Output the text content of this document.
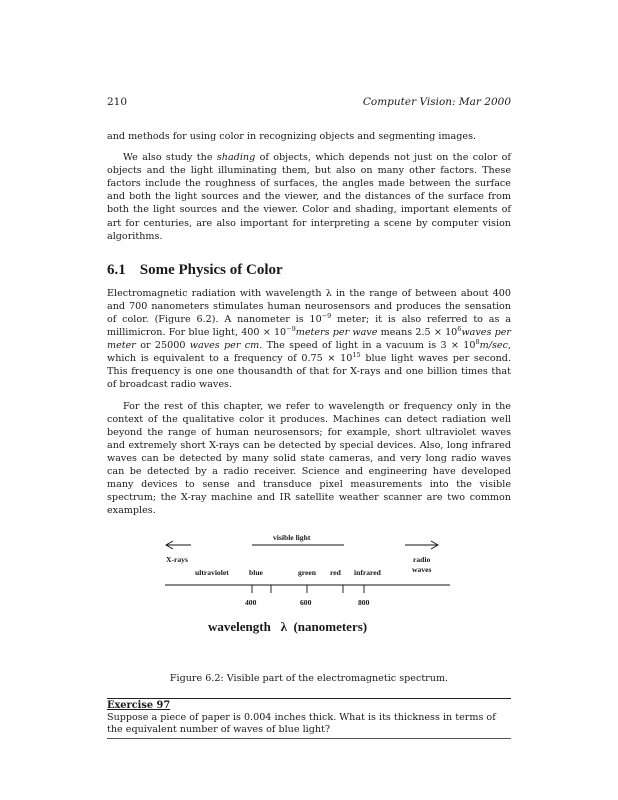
210	Computer Vision: Mar 2000

and methods for using color in recognizing objects and segmenting images.

We also study the shading of objects, which depends not just on the color of objects and the light illuminating them, but also on many other factors. These factors include the roughness of surfaces, the angles made between the surface and both the light sources and the viewer, and the distances of the surface from both the light sources and the viewer. Color and shading, important elements of art for centuries, are also important for interpreting a scene by computer vision algorithms.

6.1 Some Physics of Color

Electromagnetic radiation with wavelength λ in the range of between about 400 and 700 nanometers stimulates human neurosensors and produces the sensation of color. (Figure 6.2). A nanometer is $10^{-9}$ meter; it is also referred to as a millimicron. For blue light, $400 \times 10^{-9}meters$ per wave means $2.5 \times 10^6waves$ per meter or 25000 waves per cm. The speed of light in a vacuum is $3 \times 10^8m/\sec$, which is equivalent to a frequency of $0.75 \times 10^{15}$ blue light waves per second. This frequency is one one thousandth of that for X-rays and one billion times that of broadcast radio waves.

For the rest of this chapter, we refer to wavelength or frequency only in the context of the qualitative color it produces. Machines can detect radiation well beyond the range of human neurosensors; for example, short ultraviolet waves and extremely short X-rays can be detected by special devices. Also, long infrared waves can be detected by many solid state cameras, and very long radio waves can be detected by a radio receiver. Science and engineering have developed many devices to sense and transduce pixel measurements into the visible spectrum; the X-ray machine and IR satellite weather scanner are two common examples.

visible light
X-rays	radio
waves
ultraviolet	blue	green red infrared
400	600	800
wavelength   λ  (nanometers)
Figure 6.2: Visible part of the electromagnetic spectrum.
Exercise 97
Suppose a piece of paper is 0.004 inches thick. What is its thickness in terms of the equivalent number of waves of blue light?
